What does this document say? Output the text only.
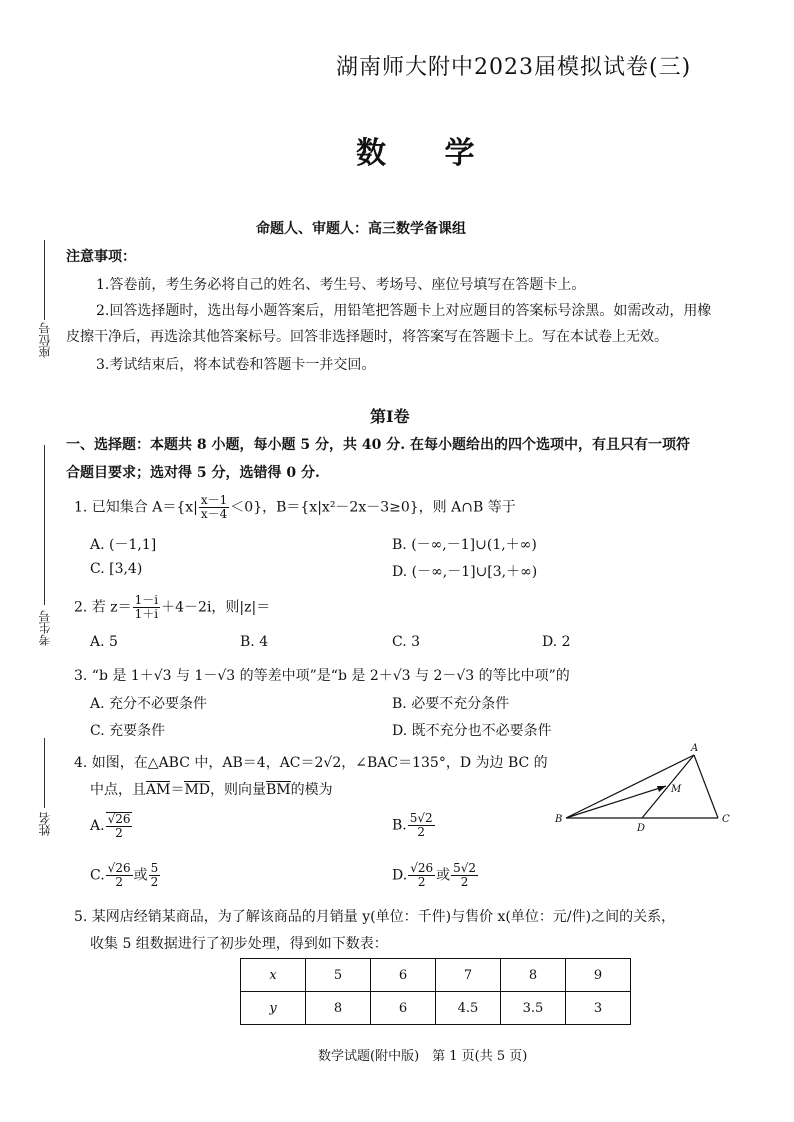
湖南师大附中2023届模拟试卷(三)
数 学
命题人、审题人：高三数学备课组
座位号
考生号
姓名
注意事项：
1.答卷前，考生务必将自己的姓名、考生号、考场号、座位号填写在答题卡上。
2.回答选择题时，选出每小题答案后，用铅笔把答题卡上对应题目的答案标号涂黑。如需改动，用橡
皮擦干净后，再选涂其他答案标号。回答非选择题时，将答案写在答题卡上。写在本试卷上无效。
3.考试结束后，将本试卷和答题卡一并交回。
第Ⅰ卷
一、选择题：本题共 8 小题，每小题 5 分，共 40 分. 在每小题给出的四个选项中，有且只有一项符
合题目要求；选对得 5 分，选错得 0 分.
1. 已知集合 $A=\{x| \frac{x-1}{x-4} <0\}$，B＝{x|x²－2x－3≥0}，则 A∩B 等于
A. (－1,1]	B. (－∞,－1]∪(1,＋∞)
C. [3,4)	D. (－∞,－1]∪[3,＋∞)
2. 若 $z= \frac{1-i}{1+i} +4-2i$，则|z|＝
A. 5	B. 4	C. 3	D. 2
3. “b 是 1＋√3 与 1－√3 的等差中项”是“b 是 2＋√3 与 2－√3 的等比中项”的
A. 充分不必要条件	B. 必要不充分条件
C. 充要条件	D. 既不充分也不必要条件
4. 如图，在△ABC 中，AB＝4，AC＝2√2，∠BAC＝135°，D 为边 BC 的
中点，且AM＝MD，则向量BM的模为
A. $\frac{√26}{2}$	B. $\frac{5√2}{2}$
C. $\frac{√26}{2}$ 或 $\frac{5}{2}$	D. $\frac{√26}{2}$ 或 $\frac{5√2}{2}$
A
B	C
D
M
5. 某网店经销某商品，为了解该商品的月销量 y(单位：千件)与售价 x(单位：元/件)之间的关系，
收集 5 组数据进行了初步处理，得到如下数表：
x	5	6	7	8	9
y	8	6	4.5	3.5	3
数学试题(附中版)　第 1 页(共 5 页)
